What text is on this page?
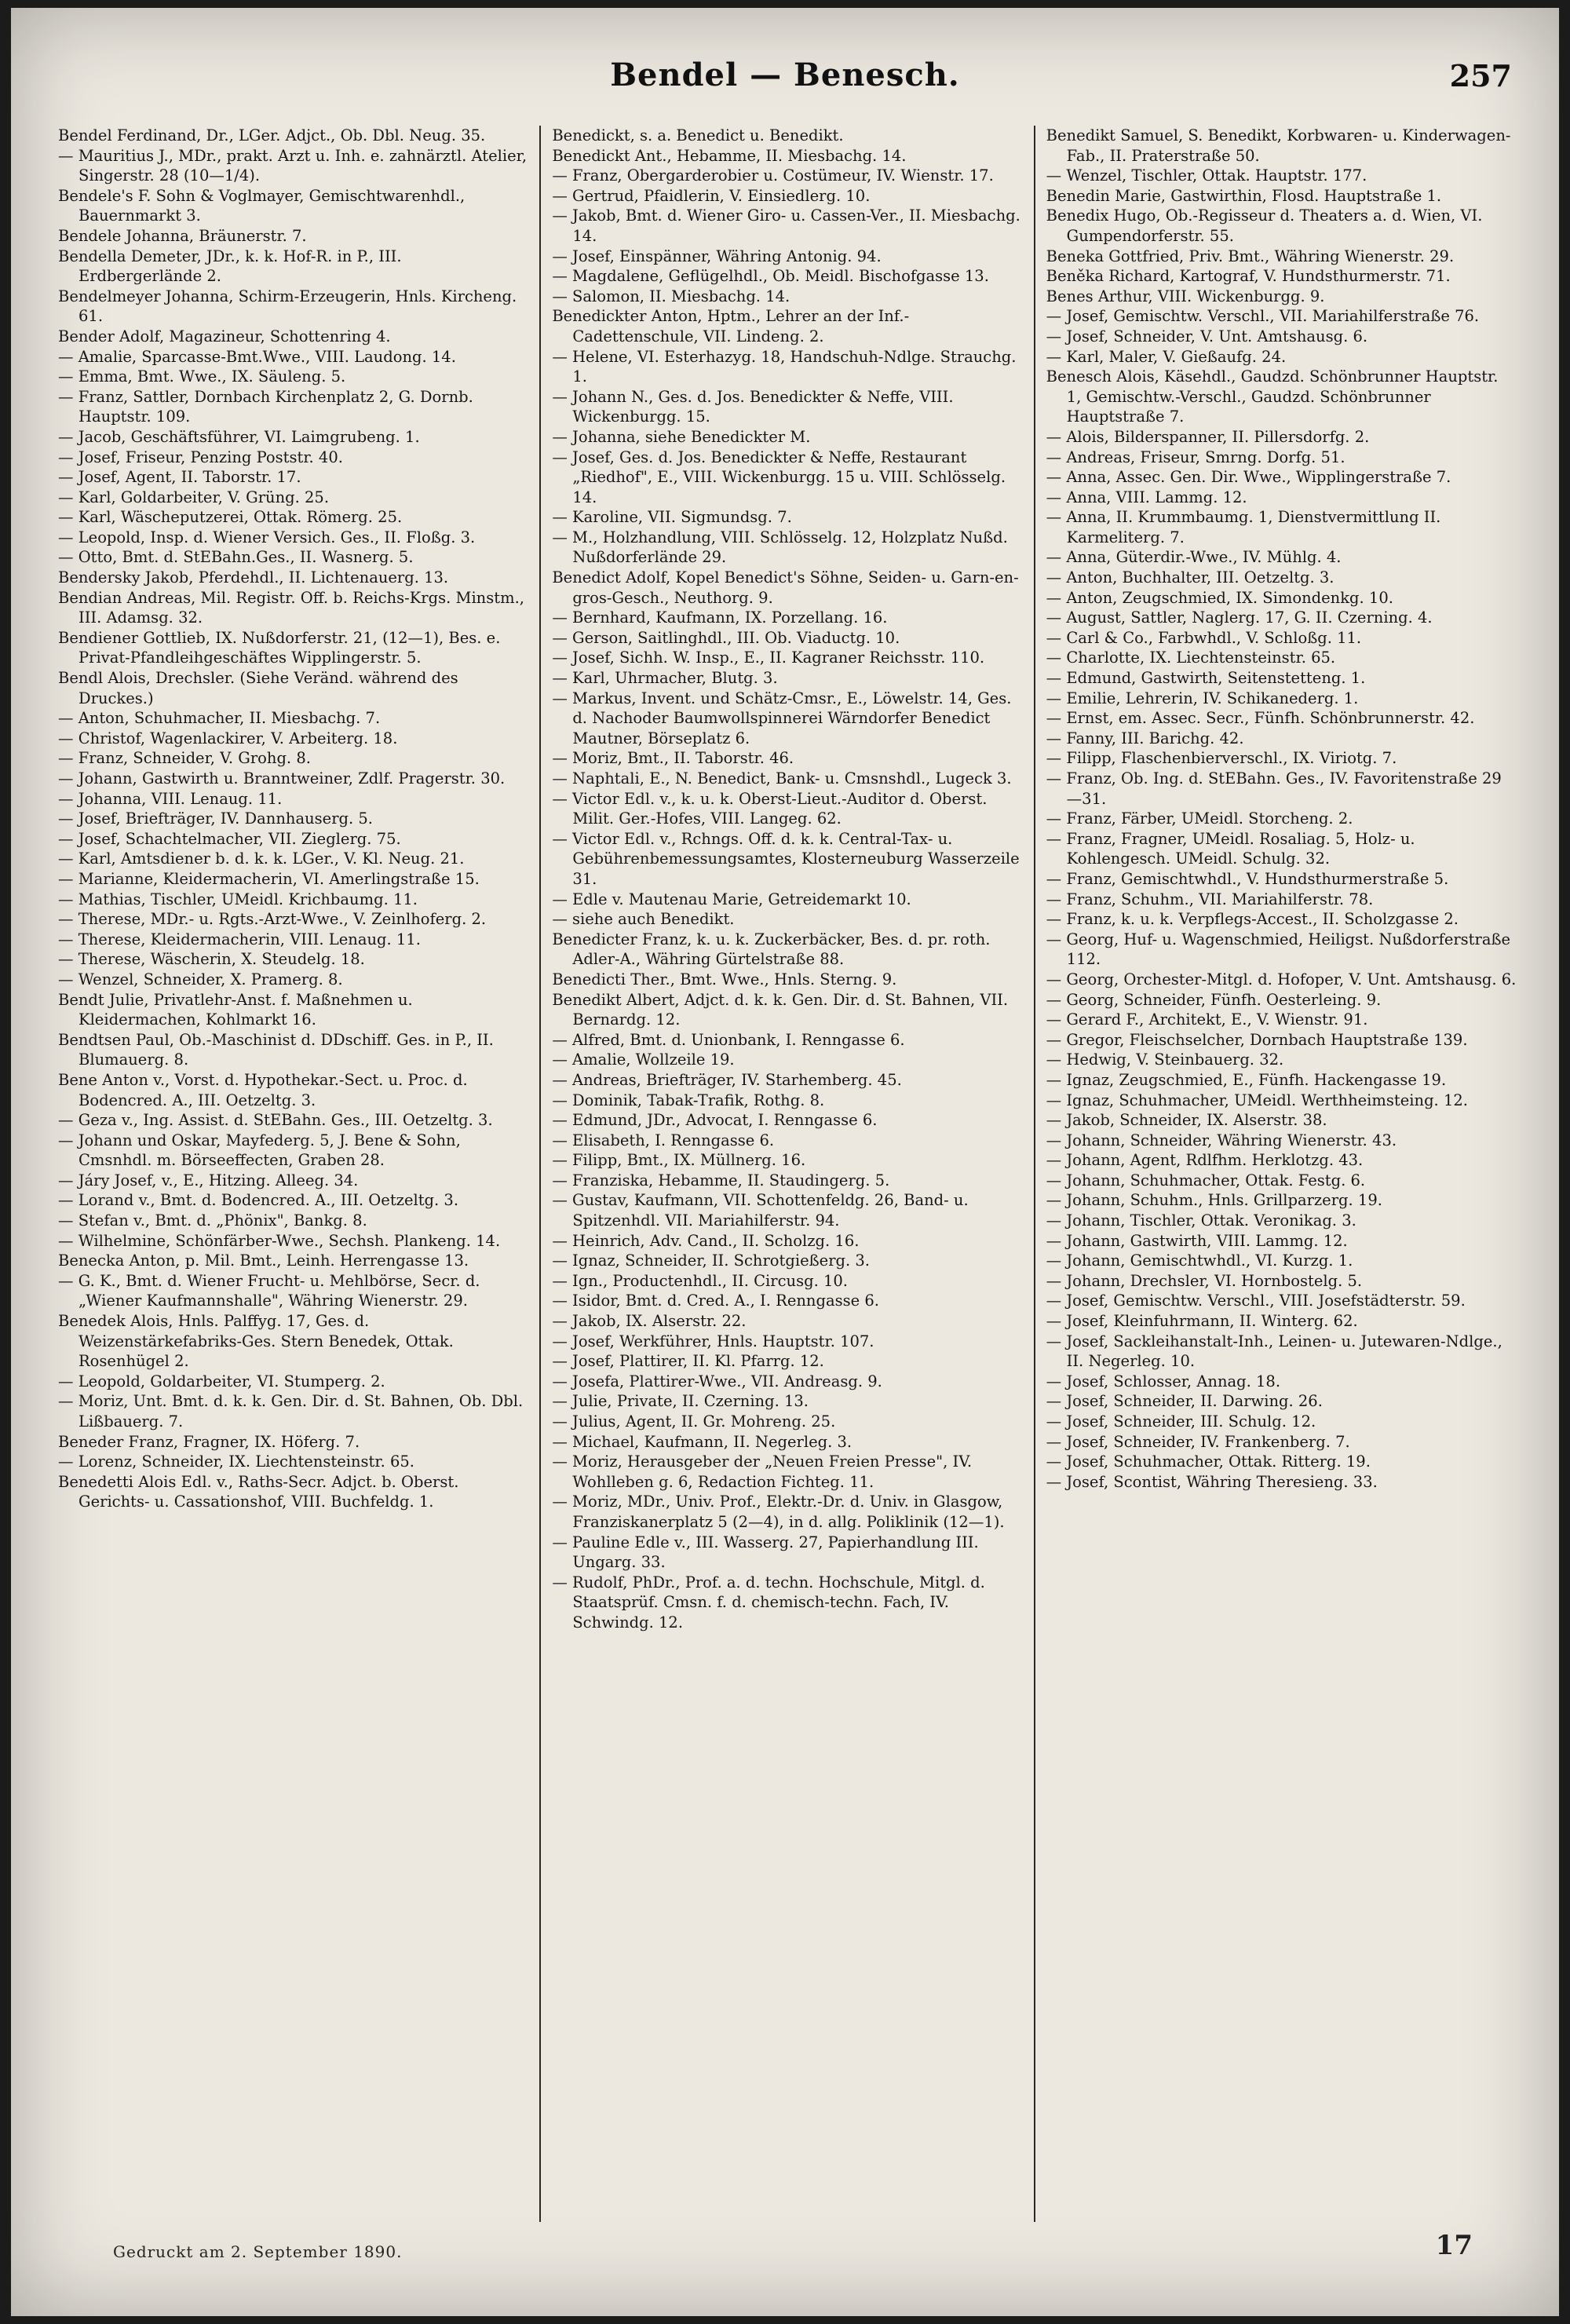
Bendel — Benesch.	257

Bendel Ferdinand, Dr., LGer. Adjct., Ob. Dbl. Neug. 35.

— Mauritius J., MDr., prakt. Arzt u. Inh. e. zahnärztl. Atelier, Singerstr. 28 (10—1/4).

Bendele's F. Sohn & Voglmayer, Gemischtwarenhdl., Bauernmarkt 3.

Bendele Johanna, Bräunerstr. 7.

Bendella Demeter, JDr., k. k. Hof-R. in P., III. Erdbergerlände 2.

Bendelmeyer Johanna, Schirm-Erzeugerin, Hnls. Kircheng. 61.

Bender Adolf, Magazineur, Schottenring 4.

— Amalie, Sparcasse-Bmt.Wwe., VIII. Laudong. 14.

— Emma, Bmt. Wwe., IX. Säuleng. 5.

— Franz, Sattler, Dornbach Kirchenplatz 2, G. Dornb. Hauptstr. 109.

— Jacob, Geschäftsführer, VI. Laimgrubeng. 1.

— Josef, Friseur, Penzing Poststr. 40.

— Josef, Agent, II. Taborstr. 17.

— Karl, Goldarbeiter, V. Grüng. 25.

— Karl, Wäscheputzerei, Ottak. Römerg. 25.

— Leopold, Insp. d. Wiener Versich. Ges., II. Floßg. 3.

— Otto, Bmt. d. StEBahn.Ges., II. Wasnerg. 5.

Bendersky Jakob, Pferdehdl., II. Lichtenauerg. 13.

Bendian Andreas, Mil. Registr. Off. b. Reichs-Krgs. Minstm., III. Adamsg. 32.

Bendiener Gottlieb, IX. Nußdorferstr. 21, (12—1), Bes. e. Privat-Pfandleihgeschäftes Wipplingerstr. 5.

Bendl Alois, Drechsler. (Siehe Veränd. während des Druckes.)

— Anton, Schuhmacher, II. Miesbachg. 7.

— Christof, Wagenlackirer, V. Arbeiterg. 18.

— Franz, Schneider, V. Grohg. 8.

— Johann, Gastwirth u. Branntweiner, Zdlf. Pragerstr. 30.

— Johanna, VIII. Lenaug. 11.

— Josef, Briefträger, IV. Dannhauserg. 5.

— Josef, Schachtelmacher, VII. Zieglerg. 75.

— Karl, Amtsdiener b. d. k. k. LGer., V. Kl. Neug. 21.

— Marianne, Kleidermacherin, VI. Amerlingstraße 15.

— Mathias, Tischler, UMeidl. Krichbaumg. 11.

— Therese, MDr.- u. Rgts.-Arzt-Wwe., V. Zeinlhoferg. 2.

— Therese, Kleidermacherin, VIII. Lenaug. 11.

— Therese, Wäscherin, X. Steudelg. 18.

— Wenzel, Schneider, X. Pramerg. 8.

Bendt Julie, Privatlehr-Anst. f. Maßnehmen u. Kleidermachen, Kohlmarkt 16.

Bendtsen Paul, Ob.-Maschinist d. DDschiff. Ges. in P., II. Blumauerg. 8.

Bene Anton v., Vorst. d. Hypothekar.-Sect. u. Proc. d. Bodencred. A., III. Oetzeltg. 3.

— Geza v., Ing. Assist. d. StEBahn. Ges., III. Oetzeltg. 3.

— Johann und Oskar, Mayfederg. 5, J. Bene & Sohn, Cmsnhdl. m. Börseeffecten, Graben 28.

— Járy Josef, v., E., Hitzing. Alleeg. 34.

— Lorand v., Bmt. d. Bodencred. A., III. Oetzeltg. 3.

— Stefan v., Bmt. d. „Phönix", Bankg. 8.

— Wilhelmine, Schönfärber-Wwe., Sechsh. Plankeng. 14.

Benecka Anton, p. Mil. Bmt., Leinh. Herrengasse 13.

— G. K., Bmt. d. Wiener Frucht- u. Mehlbörse, Secr. d. „Wiener Kaufmannshalle", Währing Wienerstr. 29.

Benedek Alois, Hnls. Palffyg. 17, Ges. d. Weizenstärkefabriks-Ges. Stern Benedek, Ottak. Rosenhügel 2.

— Leopold, Goldarbeiter, VI. Stumperg. 2.

— Moriz, Unt. Bmt. d. k. k. Gen. Dir. d. St. Bahnen, Ob. Dbl. Lißbauerg. 7.

Beneder Franz, Fragner, IX. Höferg. 7.

— Lorenz, Schneider, IX. Liechtensteinstr. 65.

Benedetti Alois Edl. v., Raths-Secr. Adjct. b. Oberst. Gerichts- u. Cassationshof, VIII. Buchfeldg. 1.

Benedickt, s. a. Benedict u. Benedikt.

Benedickt Ant., Hebamme, II. Miesbachg. 14.

— Franz, Obergarderobier u. Costümeur, IV. Wienstr. 17.

— Gertrud, Pfaidlerin, V. Einsiedlerg. 10.

— Jakob, Bmt. d. Wiener Giro- u. Cassen-Ver., II. Miesbachg. 14.

— Josef, Einspänner, Währing Antonig. 94.

— Magdalene, Geflügelhdl., Ob. Meidl. Bischofgasse 13.

— Salomon, II. Miesbachg. 14.

Benedickter Anton, Hptm., Lehrer an der Inf.-Cadettenschule, VII. Lindeng. 2.

— Helene, VI. Esterhazyg. 18, Handschuh-Ndlge. Strauchg. 1.

— Johann N., Ges. d. Jos. Benedickter & Neffe, VIII. Wickenburgg. 15.

— Johanna, siehe Benedickter M.

— Josef, Ges. d. Jos. Benedickter & Neffe, Restaurant „Riedhof", E., VIII. Wickenburgg. 15 u. VIII. Schlösselg. 14.

— Karoline, VII. Sigmundsg. 7.

— M., Holzhandlung, VIII. Schlösselg. 12, Holzplatz Nußd. Nußdorferlände 29.

Benedict Adolf, Kopel Benedict's Söhne, Seiden- u. Garn-en-gros-Gesch., Neuthorg. 9.

— Bernhard, Kaufmann, IX. Porzellang. 16.

— Gerson, Saitlinghdl., III. Ob. Viaductg. 10.

— Josef, Sichh. W. Insp., E., II. Kagraner Reichsstr. 110.

— Karl, Uhrmacher, Blutg. 3.

— Markus, Invent. und Schätz-Cmsr., E., Löwelstr. 14, Ges. d. Nachoder Baumwollspinnerei Wärndorfer Benedict Mautner, Börseplatz 6.

— Moriz, Bmt., II. Taborstr. 46.

— Naphtali, E., N. Benedict, Bank- u. Cmsnshdl., Lugeck 3.

— Victor Edl. v., k. u. k. Oberst-Lieut.-Auditor d. Oberst. Milit. Ger.-Hofes, VIII. Langeg. 62.

— Victor Edl. v., Rchngs. Off. d. k. k. Central-Tax- u. Gebührenbemessungsamtes, Klosterneuburg Wasserzeile 31.

— Edle v. Mautenau Marie, Getreidemarkt 10.

— siehe auch Benedikt.

Benedicter Franz, k. u. k. Zuckerbäcker, Bes. d. pr. roth. Adler-A., Währing Gürtelstraße 88.

Benedicti Ther., Bmt. Wwe., Hnls. Sterng. 9.

Benedikt Albert, Adjct. d. k. k. Gen. Dir. d. St. Bahnen, VII. Bernardg. 12.

— Alfred, Bmt. d. Unionbank, I. Renngasse 6.

— Amalie, Wollzeile 19.

— Andreas, Briefträger, IV. Starhemberg. 45.

— Dominik, Tabak-Trafik, Rothg. 8.

— Edmund, JDr., Advocat, I. Renngasse 6.

— Elisabeth, I. Renngasse 6.

— Filipp, Bmt., IX. Müllnerg. 16.

— Franziska, Hebamme, II. Staudingerg. 5.

— Gustav, Kaufmann, VII. Schottenfeldg. 26, Band- u. Spitzenhdl. VII. Mariahilferstr. 94.

— Heinrich, Adv. Cand., II. Scholzg. 16.

— Ignaz, Schneider, II. Schrotgießerg. 3.

— Ign., Productenhdl., II. Circusg. 10.

— Isidor, Bmt. d. Cred. A., I. Renngasse 6.

— Jakob, IX. Alserstr. 22.

— Josef, Werkführer, Hnls. Hauptstr. 107.

— Josef, Plattirer, II. Kl. Pfarrg. 12.

— Josefa, Plattirer-Wwe., VII. Andreasg. 9.

— Julie, Private, II. Czerning. 13.

— Julius, Agent, II. Gr. Mohreng. 25.

— Michael, Kaufmann, II. Negerleg. 3.

— Moriz, Herausgeber der „Neuen Freien Presse", IV. Wohlleben g. 6, Redaction Fichteg. 11.

— Moriz, MDr., Univ. Prof., Elektr.-Dr. d. Univ. in Glasgow, Franziskanerplatz 5 (2—4), in d. allg. Poliklinik (12—1).

— Pauline Edle v., III. Wasserg. 27, Papierhandlung III. Ungarg. 33.

— Rudolf, PhDr., Prof. a. d. techn. Hochschule, Mitgl. d. Staatsprüf. Cmsn. f. d. chemisch-techn. Fach, IV. Schwindg. 12.

Benedikt Samuel, S. Benedikt, Korbwaren- u. Kinderwagen-Fab., II. Praterstraße 50.

— Wenzel, Tischler, Ottak. Hauptstr. 177.

Benedin Marie, Gastwirthin, Flosd. Hauptstraße 1.

Benedix Hugo, Ob.-Regisseur d. Theaters a. d. Wien, VI. Gumpendorferstr. 55.

Beneka Gottfried, Priv. Bmt., Währing Wienerstr. 29.

Beněka Richard, Kartograf, V. Hundsthurmerstr. 71.

Benes Arthur, VIII. Wickenburgg. 9.

— Josef, Gemischtw. Verschl., VII. Mariahilferstraße 76.

— Josef, Schneider, V. Unt. Amtshausg. 6.

— Karl, Maler, V. Gießaufg. 24.

Benesch Alois, Käsehdl., Gaudzd. Schönbrunner Hauptstr. 1, Gemischtw.-Verschl., Gaudzd. Schönbrunner Hauptstraße 7.

— Alois, Bilderspanner, II. Pillersdorfg. 2.

— Andreas, Friseur, Smrng. Dorfg. 51.

— Anna, Assec. Gen. Dir. Wwe., Wipplingerstraße 7.

— Anna, VIII. Lammg. 12.

— Anna, II. Krummbaumg. 1, Dienstvermittlung II. Karmeliterg. 7.

— Anna, Güterdir.-Wwe., IV. Mühlg. 4.

— Anton, Buchhalter, III. Oetzeltg. 3.

— Anton, Zeugschmied, IX. Simondenkg. 10.

— August, Sattler, Naglerg. 17, G. II. Czerning. 4.

— Carl & Co., Farbwhdl., V. Schloßg. 11.

— Charlotte, IX. Liechtensteinstr. 65.

— Edmund, Gastwirth, Seitenstetteng. 1.

— Emilie, Lehrerin, IV. Schikanederg. 1.

— Ernst, em. Assec. Secr., Fünfh. Schönbrunnerstr. 42.

— Fanny, III. Barichg. 42.

— Filipp, Flaschenbierverschl., IX. Viriotg. 7.

— Franz, Ob. Ing. d. StEBahn. Ges., IV. Favoritenstraße 29—31.

— Franz, Färber, UMeidl. Storcheng. 2.

— Franz, Fragner, UMeidl. Rosaliag. 5, Holz- u. Kohlengesch. UMeidl. Schulg. 32.

— Franz, Gemischtwhdl., V. Hundsthurmerstraße 5.

— Franz, Schuhm., VII. Mariahilferstr. 78.

— Franz, k. u. k. Verpflegs-Accest., II. Scholzgasse 2.

— Georg, Huf- u. Wagenschmied, Heiligst. Nußdorferstraße 112.

— Georg, Orchester-Mitgl. d. Hofoper, V. Unt. Amtshausg. 6.

— Georg, Schneider, Fünfh. Oesterleing. 9.

— Gerard F., Architekt, E., V. Wienstr. 91.

— Gregor, Fleischselcher, Dornbach Hauptstraße 139.

— Hedwig, V. Steinbauerg. 32.

— Ignaz, Zeugschmied, E., Fünfh. Hackengasse 19.

— Ignaz, Schuhmacher, UMeidl. Werthheimsteing. 12.

— Jakob, Schneider, IX. Alserstr. 38.

— Johann, Schneider, Währing Wienerstr. 43.

— Johann, Agent, Rdlfhm. Herklotzg. 43.

— Johann, Schuhmacher, Ottak. Festg. 6.

— Johann, Schuhm., Hnls. Grillparzerg. 19.

— Johann, Tischler, Ottak. Veronikag. 3.

— Johann, Gastwirth, VIII. Lammg. 12.

— Johann, Gemischtwhdl., VI. Kurzg. 1.

— Johann, Drechsler, VI. Hornbostelg. 5.

— Josef, Gemischtw. Verschl., VIII. Josefstädterstr. 59.

— Josef, Kleinfuhrmann, II. Winterg. 62.

— Josef, Sackleihanstalt-Inh., Leinen- u. Jutewaren-Ndlge., II. Negerleg. 10.

— Josef, Schlosser, Annag. 18.

— Josef, Schneider, II. Darwing. 26.

— Josef, Schneider, III. Schulg. 12.

— Josef, Schneider, IV. Frankenberg. 7.

— Josef, Schuhmacher, Ottak. Ritterg. 19.

— Josef, Scontist, Währing Theresieng. 33.

Gedruckt am 2. September 1890.	17
